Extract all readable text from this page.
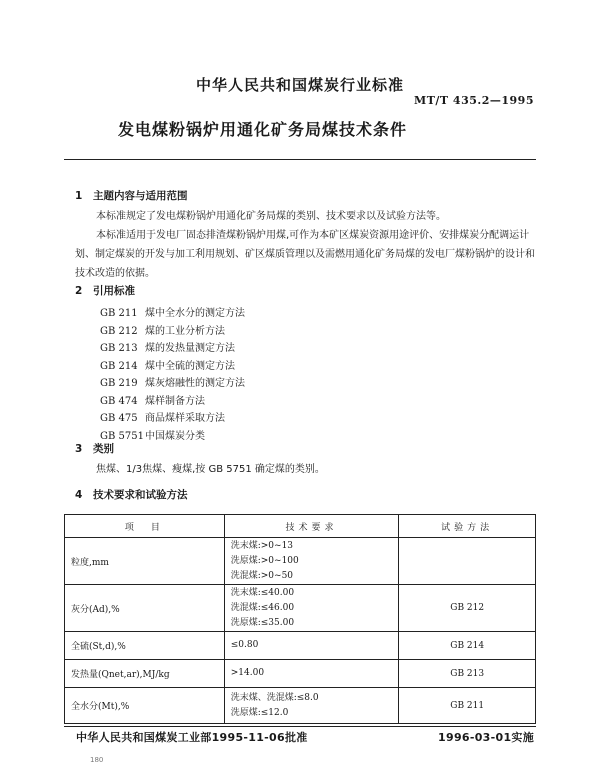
中华人民共和国煤炭行业标准
MT/T 435.2—1995
发电煤粉锅炉用通化矿务局煤技术条件
1 主题内容与适用范围
本标准规定了发电煤粉锅炉用通化矿务局煤的类别、技术要求以及试验方法等。
本标准适用于发电厂固态排渣煤粉锅炉用煤,可作为本矿区煤炭资源用途评价、安排煤炭分配调运计划、制定煤炭的开发与加工利用规划、矿区煤质管理以及需燃用通化矿务局煤的发电厂煤粉锅炉的设计和技术改造的依据。
2 引用标准
GB 211 煤中全水分的测定方法
GB 212 煤的工业分析方法
GB 213 煤的发热量测定方法
GB 214 煤中全硫的测定方法
GB 219 煤灰熔融性的测定方法
GB 474 煤样制备方法
GB 475 商品煤样采取方法
GB 5751中国煤炭分类
3 类别
焦煤、1/3焦煤、瘦煤,按 GB 5751 确定煤的类别。
4 技术要求和试验方法
项　目	技术要求	试验方法
粒度,mm	洗末煤:>0~13
洗原煤:>0~100
洗混煤:>0~50	

灰分(Ad),%	洗末煤:≤40.00
洗混煤:≤46.00
洗原煤:≤35.00	GB 212
全硫(St,d),%	≤0.80	GB 214
发热量(Qnet,ar),MJ/kg	>14.00	GB 213
全水分(Mt),%	洗末煤、洗混煤:≤8.0
洗原煤:≤12.0	GB 211
中华人民共和国煤炭工业部1995-11-06批准	1996-03-01实施
180
